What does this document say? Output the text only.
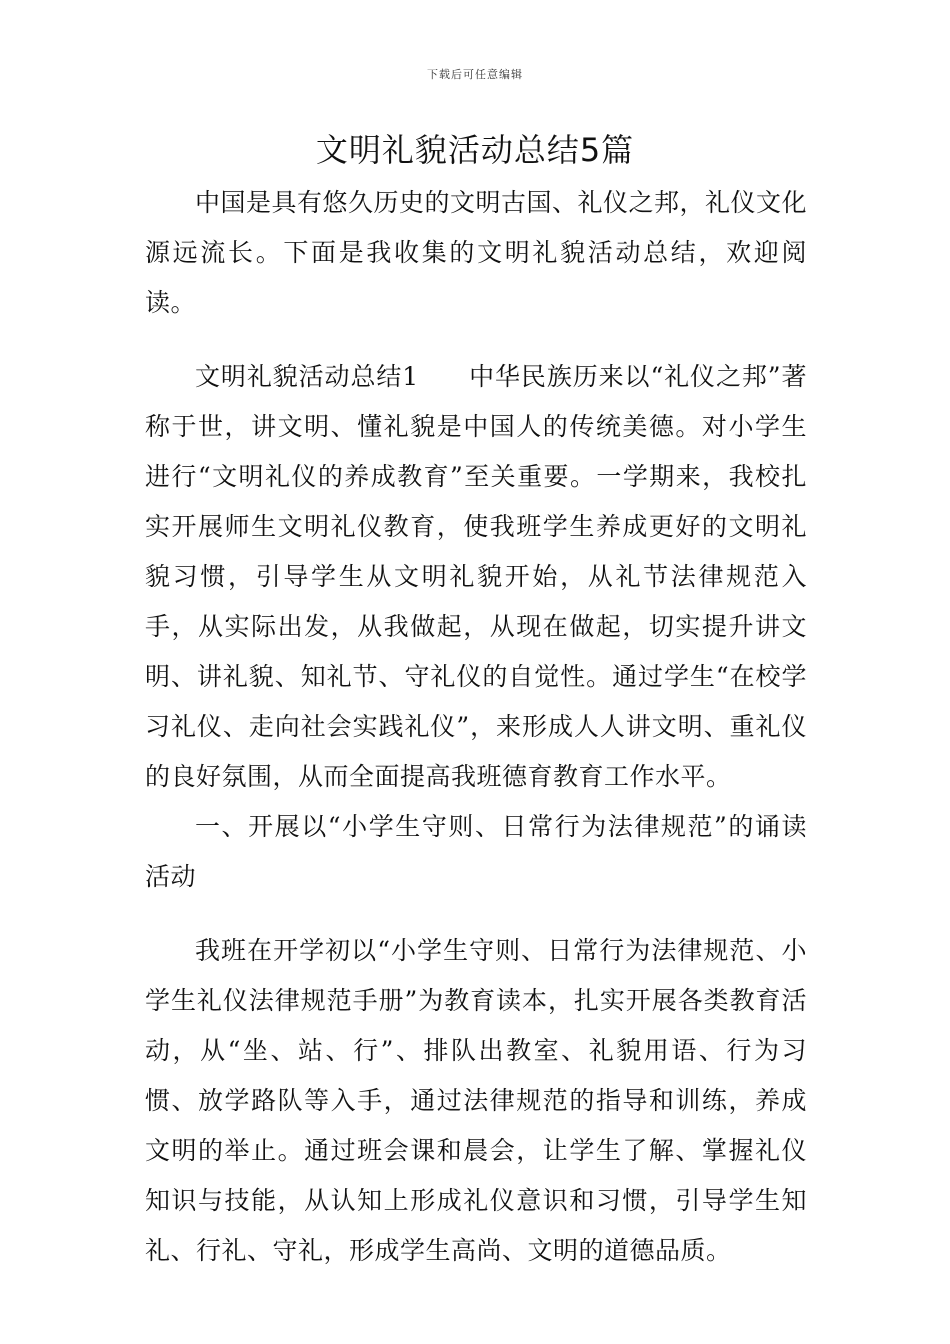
下载后可任意编辑
文明礼貌活动总结5篇

中国是具有悠久历史的文明古国、礼仪之邦，礼仪文化源远流长。下面是我收集的文明礼貌活动总结，欢迎阅读。

文明礼貌活动总结1 中华民族历来以“礼仪之邦”著称于世，讲文明、懂礼貌是中国人的传统美德。对小学生进行“文明礼仪的养成教育”至关重要。一学期来，我校扎实开展师生文明礼仪教育，使我班学生养成更好的文明礼貌习惯，引导学生从文明礼貌开始，从礼节法律规范入手，从实际出发，从我做起，从现在做起，切实提升讲文明、讲礼貌、知礼节、守礼仪的自觉性。通过学生“在校学习礼仪、走向社会实践礼仪”，来形成人人讲文明、重礼仪的良好氛围，从而全面提高我班德育教育工作水平。

一、开展以“小学生守则、日常行为法律规范”的诵读活动

我班在开学初以“小学生守则、日常行为法律规范、小学生礼仪法律规范手册”为教育读本，扎实开展各类教育活动，从“坐、站、行”、排队出教室、礼貌用语、行为习惯、放学路队等入手，通过法律规范的指导和训练，养成文明的举止。通过班会课和晨会，让学生了解、掌握礼仪知识与技能，从认知上形成礼仪意识和习惯，引导学生知礼、行礼、守礼，形成学生高尚、文明的道德品质。
